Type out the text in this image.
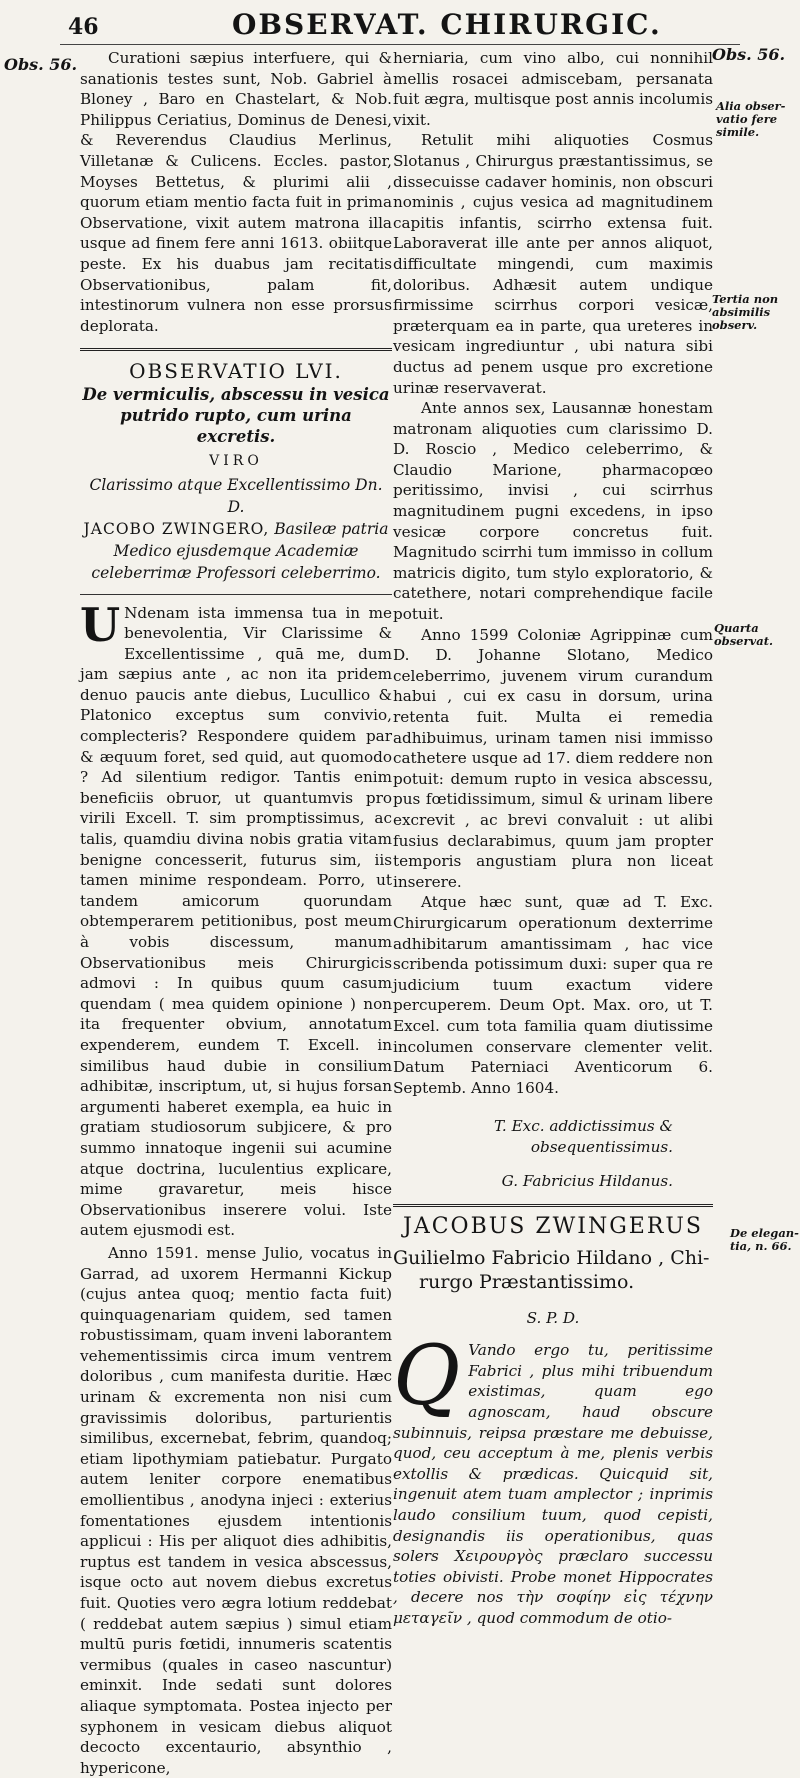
46	OBSERVAT. CHIRURGIC.
Obs. 56.
Obs. 56.
Alia obser- vatio fere simile.
Tertia non absimilis observ.
Quarta observat.
De elegan- tia, n. 66.

Curationi sæpius interfuere, qui & sanationis testes sunt, Nob. Gabriel à Bloney , Baro en Chastelart, & Nob. Philippus Ceriatius, Dominus de Denesi, & Reverendus Claudius Merlinus, Villetanæ & Culicens. Eccles. pastor, Moyses Bettetus, & plurimi alii , quorum etiam mentio facta fuit in prima Observatione, vixit autem matrona illa usque ad finem fere anni 1613. obiitque peste. Ex his duabus jam recitatis Observationibus, palam fit, intestinorum vulnera non esse prorsus deplorata.

OBSERVATIO LVI.
De vermiculis, abscessu in vesica putrido rupto, cum urina excretis.
VIRO
Clarissimo atque Excellentissimo Dn. D.
JACOBO ZWINGERO, Basileæ patria Medico ejusdemque Academiæ celeberrimæ Professori celeberrimo.

U Ndenam ista immensa tua in me benevolentia, Vir Clarissime & Excellentissime , quā me, dum jam sæpius ante , ac non ita pridem denuo paucis ante diebus, Lucullico & Platonico exceptus sum convivio, complecteris? Respondere quidem par & æquum foret, sed quid, aut quomodo ? Ad silentium redigor. Tantis enim beneficiis obruor, ut quantumvis pro virili Excell. T. sim promptissimus, ac talis, quamdiu divina nobis gratia vitam benigne concesserit, futurus sim, iis tamen minime respondeam. Porro, ut tandem amicorum quorundam obtemperarem petitionibus, post meum à vobis discessum, manum Observationibus meis Chirurgicis admovi : In quibus quum casum quendam ( mea quidem opinione ) non ita frequenter obvium, annotatum expenderem, eundem T. Excell. in similibus haud dubie in consilium adhibitæ, inscriptum, ut, si hujus forsan argumenti haberet exempla, ea huic in gratiam studiosorum subjicere, & pro summo innatoque ingenii sui acumine atque doctrina, luculentius explicare, mime gravaretur, meis hisce Observationibus inserere volui. Iste autem ejusmodi est.

Anno 1591. mense Julio, vocatus in Garrad, ad uxorem Hermanni Kickup (cujus antea quoq; mentio facta fuit) quinquagenariam quidem, sed tamen robustissimam, quam inveni laborantem vehementissimis circa imum ventrem doloribus , cum manifesta duritie. Hæc urinam & excrementa non nisi cum gravissimis doloribus, parturientis similibus, excernebat, febrim, quandoq; etiam lipothymiam patiebatur. Purgato autem leniter corpore enematibus emollientibus , anodyna injeci : exterius fomentationes ejusdem intentionis applicui : His per aliquot dies adhibitis, ruptus est tandem in vesica abscessus, isque octo aut novem diebus excretus fuit. Quoties vero ægra lotium reddebat ( reddebat autem sæpius ) simul etiam multū puris fœtidi, innumeris scatentis vermibus (quales in caseo nascuntur) eminxit. Inde sedati sunt dolores aliaque symptomata. Postea injecto per syphonem in vesicam diebus aliquot decocto excentaurio, absynthio , hypericone,

herniaria, cum vino albo, cui nonnihil mellis rosacei admiscebam, persanata fuit ægra, multisque post annis incolumis vixit.

Retulit mihi aliquoties Cosmus Slotanus , Chirurgus præstantissimus, se dissecuisse cadaver hominis, non obscuri nominis , cujus vesica ad magnitudinem capitis infantis, scirrho extensa fuit. Laboraverat ille ante per annos aliquot, difficultate mingendi, cum maximis doloribus. Adhæsit autem undique firmissime scirrhus corpori vesicæ, præterquam ea in parte, qua ureteres in vesicam ingrediuntur , ubi natura sibi ductus ad penem usque pro excretione urinæ reservaverat.

Ante annos sex, Lausannæ honestam matronam aliquoties cum clarissimo D. D. Roscio , Medico celeberrimo, & Claudio Marione, pharmacopœo peritissimo, invisi , cui scirrhus magnitudinem pugni excedens, in ipso vesicæ corpore concretus fuit. Magnitudo scirrhi tum immisso in collum matricis digito, tum stylo exploratorio, & catethere, notari comprehendique facile potuit.

Anno 1599 Coloniæ Agrippinæ cum D. D. Johanne Slotano, Medico celeberrimo, juvenem virum curandum habui , cui ex casu in dorsum, urina retenta fuit. Multa ei remedia adhibuimus, urinam tamen nisi immisso cathetere usque ad 17. diem reddere non potuit: demum rupto in vesica abscessu, pus fœtidissimum, simul & urinam libere excrevit , ac brevi convaluit : ut alibi fusius declarabimus, quum jam propter temporis angustiam plura non liceat inserere.

Atque hæc sunt, quæ ad T. Exc. Chirurgicarum operationum dexterrime adhibitarum amantissimam , hac vice scribenda potissimum duxi: super qua re judicium tuum exactum videre percuperem. Deum Opt. Max. oro, ut T. Excel. cum tota familia quam diutissime incolumen conservare clementer velit. Datum Paterniaci Aventicorum 6. Septemb. Anno 1604.

T. Exc. addictissimus & obsequentissimus.
G. Fabricius Hildanus.
JACOBUS ZWINGERUS
Guilielmo Fabricio Hildano , Chi-
rurgo Præstantissimo.
S. P. D.

Q Vando ergo tu, peritissime Fabrici , plus mihi tribuendum existimas, quam ego agnoscam, haud obscure subinnuis, reipsa præstare me debuisse, quod, ceu acceptum à me, plenis verbis extollis & prædicas. Quicquid sit, ingenuit atem tuam amplector ; inprimis laudo consilium tuum, quod cepisti, designandis iis operationibus, quas solers Χειρουργὸς præclaro successu toties obivisti. Probe monet Hippocrates , decere nos τὴν σοφίην εἰς τέχνην μεταγεῖν , quod commodum de otio-
